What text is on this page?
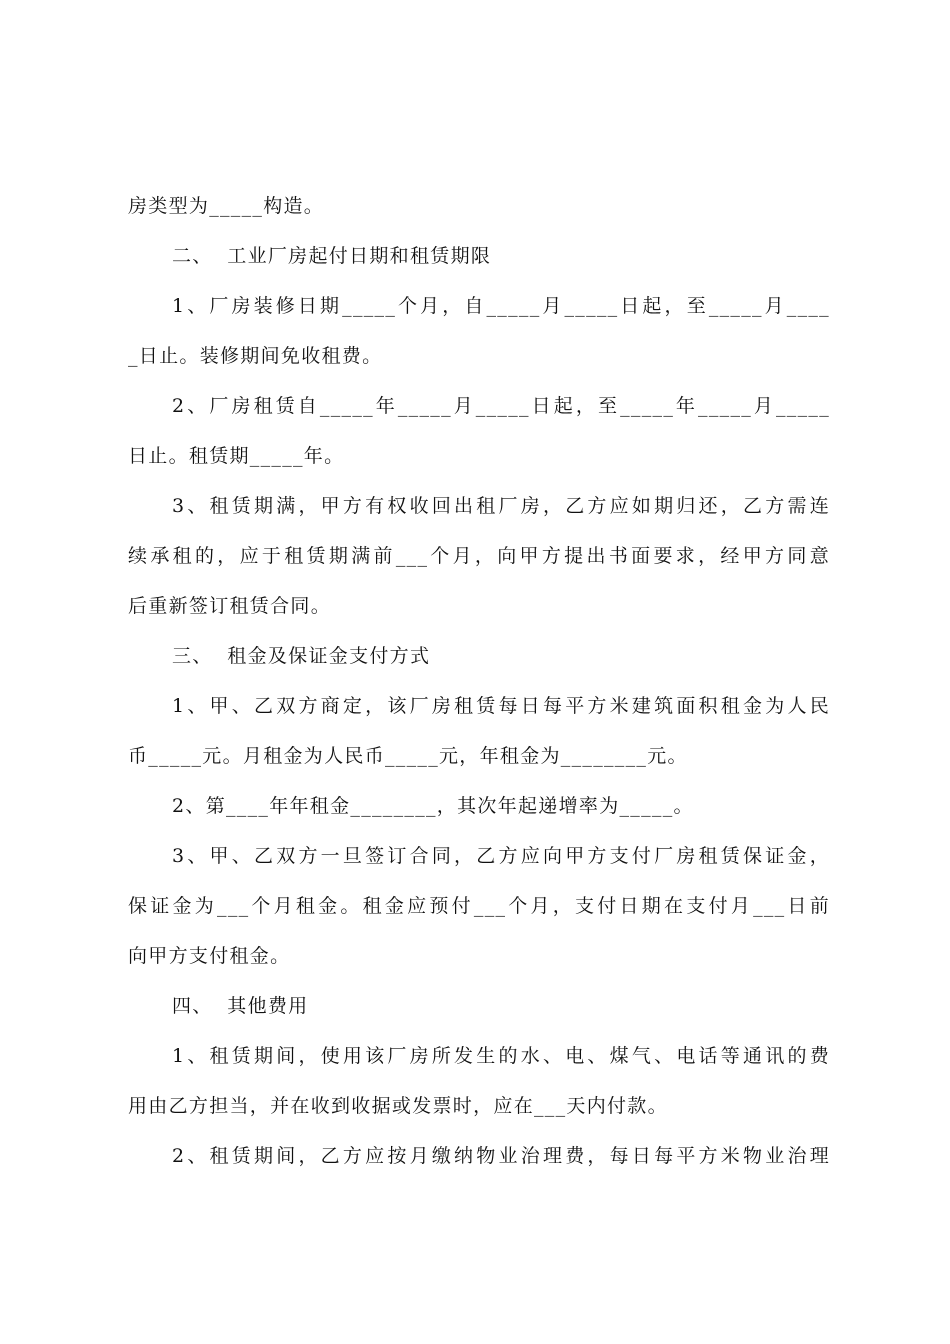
房类型为_____构造。

二、  工业厂房起付日期和租赁期限

1、厂房装修日期_____个月，自_____月_____日起，至_____月____

_日止。装修期间免收租费。

2、厂房租赁自_____年_____月_____日起，至_____年_____月_____

日止。租赁期_____年。

3、租赁期满，甲方有权收回出租厂房，乙方应如期归还，乙方需连

续承租的，应于租赁期满前___个月，向甲方提出书面要求，经甲方同意

后重新签订租赁合同。

三、  租金及保证金支付方式

1、甲、乙双方商定，该厂房租赁每日每平方米建筑面积租金为人民

币_____元。月租金为人民币_____元，年租金为________元。

2、第____年年租金________，其次年起递增率为_____。

3、甲、乙双方一旦签订合同，乙方应向甲方支付厂房租赁保证金，

保证金为___个月租金。租金应预付___个月，支付日期在支付月___日前

向甲方支付租金。

四、  其他费用

1、租赁期间，使用该厂房所发生的水、电、煤气、电话等通讯的费

用由乙方担当，并在收到收据或发票时，应在___天内付款。

2、租赁期间，乙方应按月缴纳物业治理费，每日每平方米物业治理
